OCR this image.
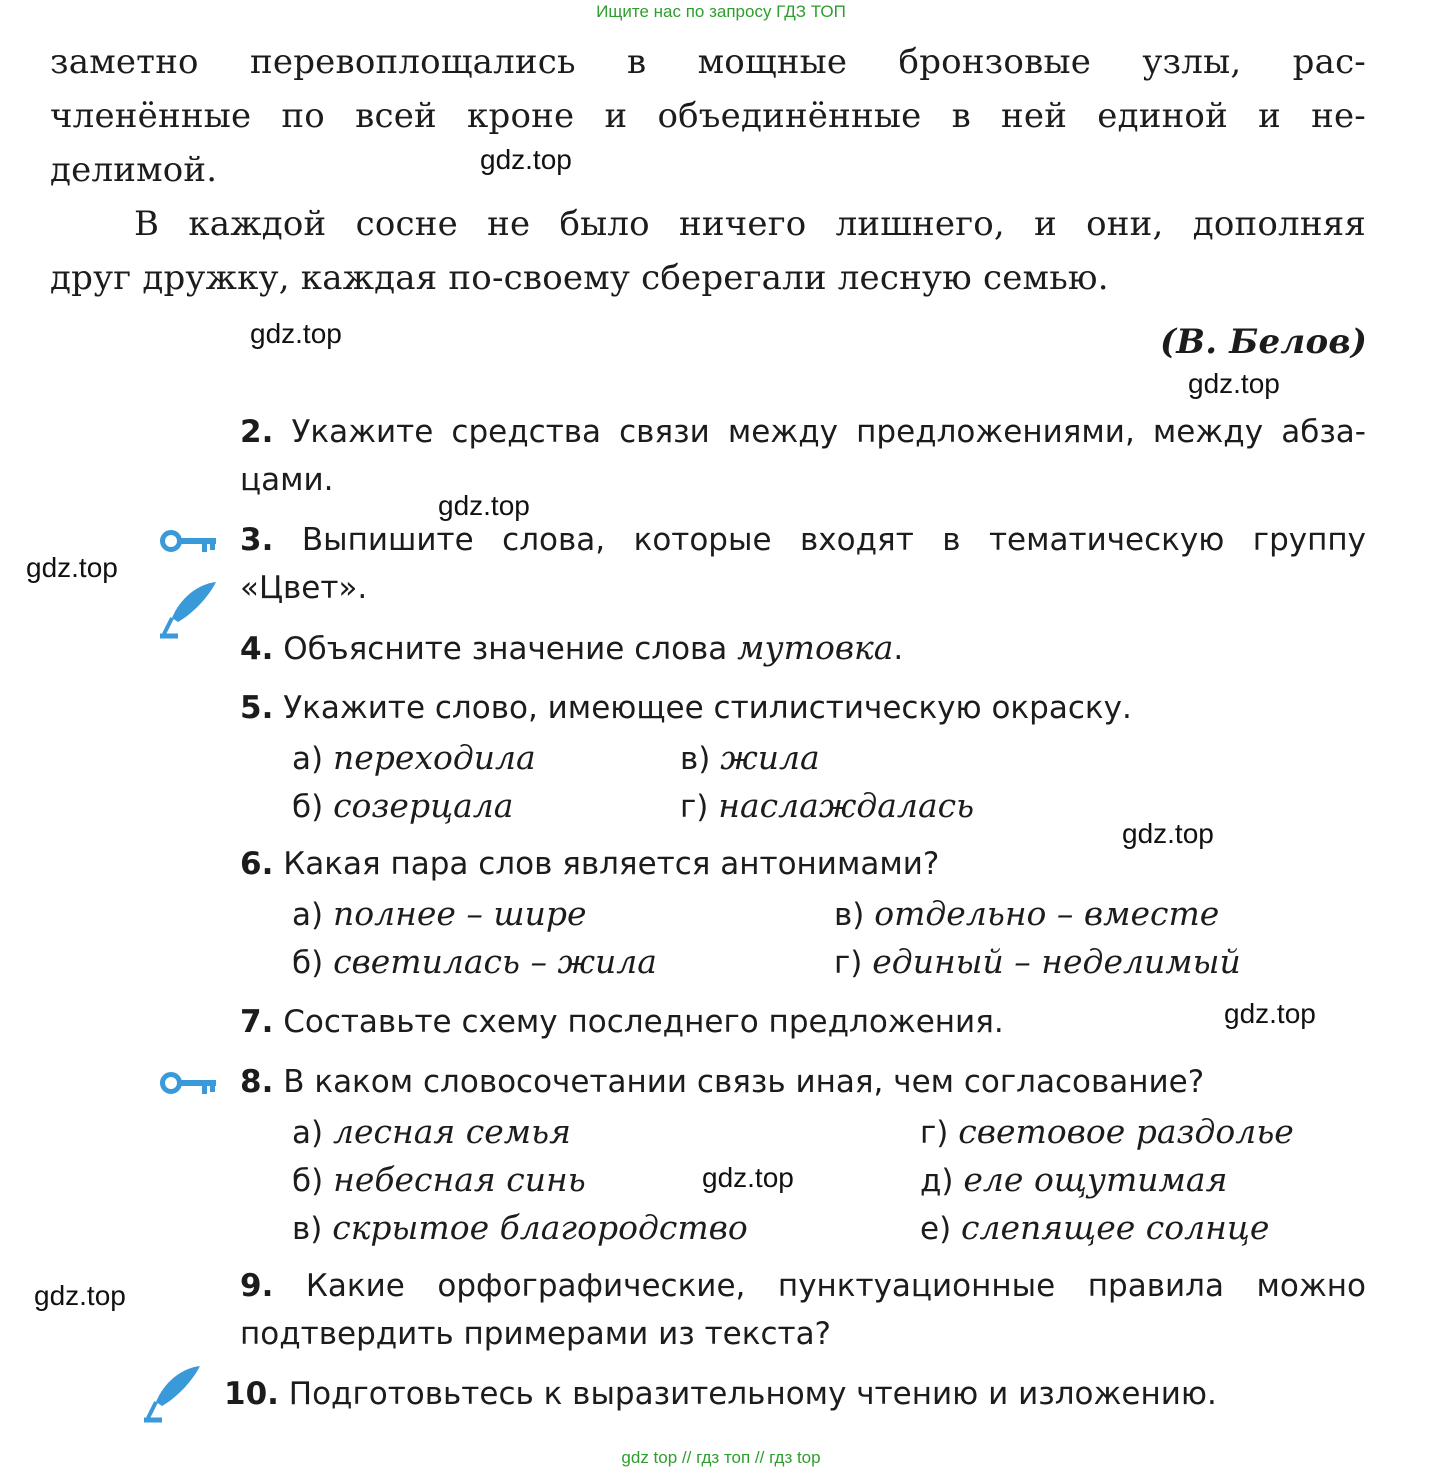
Ищите нас по запросу ГДЗ ТОП
gdz top // гдз топ // гдз top
заметно перевоплощались в мощные бронзовые узлы, рас-
членённые по всей кроне и объединённые в ней единой и не-
делимой.
В каждой сосне не было ничего лишнего, и они, дополняя
друг дружку, каждая по-своему сберегали лесную семью.
(В. Белов)
2. Укажите средства связи между предложениями, между абза-
цами.
3. Выпишите слова, которые входят в тематическую группу
«Цвет».
4. Объясните значение слова мутовка.
5. Укажите слово, имеющее стилистическую окраску.
а) переходила	в) жила
б) созерцала	г) наслаждалась
6. Какая пара слов является антонимами?
а) полнее – шире	в) отдельно – вместе
б) светилась – жила	г) единый – неделимый
7. Составьте схему последнего предложения.
8. В каком словосочетании связь иная, чем согласование?
а) лесная семья	г) световое раздолье
б) небесная синь	д) еле ощутимая
в) скрытое благородство	е) слепящее солнце
9. Какие орфографические, пунктуационные правила можно
подтвердить примерами из текста?
10. Подготовьтесь к выразительному чтению и изложению.
gdz.top
gdz.top
gdz.top
gdz.top
gdz.top
gdz.top
gdz.top
gdz.top
gdz.top
